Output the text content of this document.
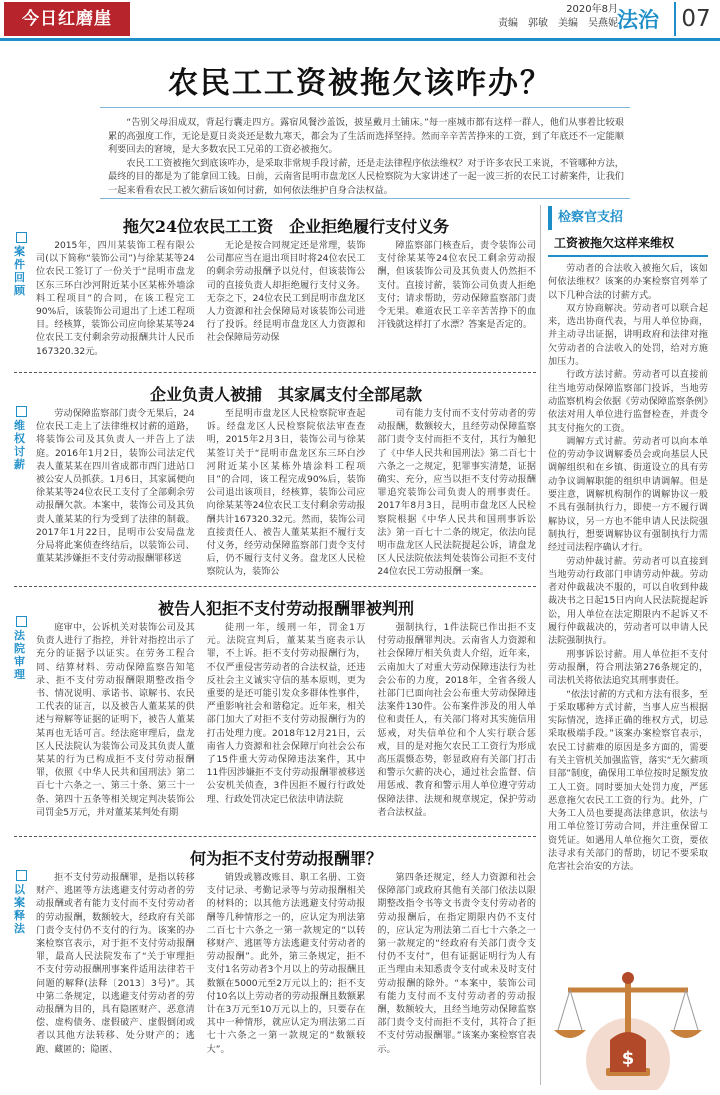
今日红磨崖	2020年8月
责编　郭敏　美编　吴燕妮 法治 07
农民工工资被拖欠该咋办？

“告别父母泪成双，背起行囊走四方。露宿风餐沙盖饭，披星戴月土铺床。”每一座城市都有这样一群人，他们从事着比较艰累的高强度工作，无论是夏日炎炎还是数九寒天，都会为了生活而选择坚持。然而辛辛苦苦挣来的工资，到了年底还不一定能顺利要回去的窘境，是大多数农民工兄弟的工资必被拖欠。

农民工工资被拖欠到底该咋办，是采取非常规手段讨薪，还是走法律程序依法维权？对于许多农民工来说，不管哪种方法，最终的目的都是为了能拿回工钱。日前，云南省昆明市盘龙区人民检察院为大家讲述了一起一波三折的农民工讨薪案件，让我们一起来看看农民工被欠薪后该如何讨薪，如何依法维护自身合法权益。

案件回顾
拖欠24位农民工工资　企业拒绝履行支付义务
2015年，四川某装饰工程有限公司(以下简称“装饰公司”)与徐某某等24位农民工签订了一份关于“昆明市盘龙区东三环白沙河附近某小区某栋外墙涂料工程项目”的合同，在该工程完工90%后，该装饰公司退出了上述工程项目。经核算，装饰公司应向徐某某等24位农民工支付剩余劳动报酬共计人民币167320.32元。
无论是按合同规定还是常理，装饰公司都应当在退出项目时将24位农民工的剩余劳动报酬予以兑付，但该装饰公司的直接负责人却拒绝履行支付义务。无奈之下，24位农民工到昆明市盘龙区人力资源和社会保障局对该装饰公司进行了投诉。经昆明市盘龙区人力资源和社会保障局劳动保
障监察部门核查后，责令装饰公司支付徐某某等24位农民工剩余劳动报酬，但该装饰公司及其负责人仍然拒不支付。直接讨薪，装饰公司负责人拒绝支付；请求帮助，劳动保障监察部门责令无果。难道农民工辛辛苦苦挣下的血汗钱就这样打了水漂？答案是否定的。
维权讨薪
企业负责人被捕　其家属支付全部尾款
劳动保障监察部门责令无果后，24位农民工走上了法律维权讨薪的道路，将装饰公司及其负责人一并告上了法庭。2016年1月2日，装饰公司法定代表人董某某在四川省成都市西门进站口被公安人员抓获。1月6日，其家属便向徐某某等24位农民工支付了全部剩余劳动报酬欠款。本案中，装饰公司及其负责人董某某的行为受到了法律的制裁。2017年1月22日，昆明市公安局盘龙分局将此案侦查终结后，以装饰公司、董某某涉嫌拒不支付劳动报酬罪移送
至昆明市盘龙区人民检察院审查起诉。经盘龙区人民检察院依法审查查明，2015年2月3日，装饰公司与徐某某签订关于“昆明市盘龙区东三环白沙河附近某小区某栋外墙涂料工程项目”的合同，该工程完成90%后，装饰公司退出该项目，经核算，装饰公司应向徐某某等24位农民工支付剩余劳动报酬共计167320.32元。然而，装饰公司直接责任人、被告人董某某拒不履行支付义务，经劳动保障监察部门责令支付后，仍不履行支付义务。盘龙区人民检察院认为，装饰公
司有能力支付而不支付劳动者的劳动报酬，数额较大，且经劳动保障监察部门责令支付而拒不支付，其行为触犯了《中华人民共和国刑法》第二百七十六条之一之规定，犯罪事实清楚，证据确实、充分，应当以拒不支付劳动报酬罪追究装饰公司负责人的刑事责任。2017年8月3日，昆明市盘龙区人民检察院根据《中华人民共和国刑事诉讼法》第一百七十二条的规定，依法向昆明市盘龙区人民法院提起公诉，请盘龙区人民法院依法判处装饰公司拒不支付24位农民工劳动报酬一案。
法院审理
被告人犯拒不支付劳动报酬罪被判刑
庭审中，公诉机关对装饰公司及其负责人进行了指控，并针对指控出示了充分的证据予以证实。在劳务工程合同、结算材料、劳动保障监察告知笔录、拒不支付劳动报酬限期整改指令书、情况说明、承诺书、谅解书、农民工代表的证言，以及被告人董某某的供述与辩解等证据的证明下，被告人董某某再也无话可言。经法庭审理后，盘龙区人民法院认为装饰公司及其负责人董某某的行为已构成拒不支付劳动报酬罪，依照《中华人民共和国刑法》第二百七十六条之一、第三十条、第三十一条、第四十五条等相关规定判决装饰公司罚金5万元，并对董某某判处有期
徒刑一年，缓刑一年，罚金1万元。法院宣判后，董某某当庭表示认罪，不上诉。拒不支付劳动报酬行为，不仅严重侵害劳动者的合法权益，还违反社会主义诚实守信的基本原则，更为重要的是还可能引发众多群体性事件，严重影响社会和谐稳定。近年来，相关部门加大了对拒不支付劳动报酬行为的打击处理力度。2018年12月21日，云南省人力资源和社会保障厅向社会公布了15件重大劳动保障违法案件，其中11件因涉嫌拒不支付劳动报酬罪被移送公安机关侦查，3件因拒不履行行政处理、行政处罚决定已依法申请法院
强制执行，1件法院已作出拒不支付劳动报酬罪判决。云南省人力资源和社会保障厅相关负责人介绍，近年来，云南加大了对重大劳动保障违法行为社会公布的力度，2018年，全省各级人社部门已面向社会公布重大劳动保障违法案件130件。公布案件涉及的用人单位和责任人，有关部门将对其实施信用惩戒，对失信单位和个人实行联合惩戒，目的是对拖欠农民工工资行为形成高压震慑态势，彰显政府有关部门打击和警示欠薪的决心，通过社会监督、信用惩戒、教育和警示用人单位遵守劳动保障法律、法规和规章规定，保护劳动者合法权益。
以案释法
何为拒不支付劳动报酬罪？
拒不支付劳动报酬罪，是指以转移财产、逃匿等方法逃避支付劳动者的劳动报酬或者有能力支付而不支付劳动者的劳动报酬，数额较大，经政府有关部门责令支付仍不支付的行为。该案的办案检察官表示，对于拒不支付劳动报酬罪，最高人民法院发布了“关于审理拒不支付劳动报酬刑事案件适用法律若干问题的解释(法释〔2013〕3号)”。其中第二条规定，以逃避支付劳动者的劳动报酬为目的，具有隐匿财产、恶意清偿、虚构债务、虚假破产、虚假倒闭或者以其他方法转移、处分财产的；逃跑、藏匿的；隐匿、
销毁或篡改账目、职工名册、工资支付记录、考勤记录等与劳动报酬相关的材料的；以其他方法逃避支付劳动报酬等几种情形之一的，应认定为刑法第二百七十六条之一第一款规定的“以转移财产、逃匿等方法逃避支付劳动者的劳动报酬”。此外，第三条规定，拒不支付1名劳动者3个月以上的劳动报酬且数额在5000元至2万元以上的；拒不支付10名以上劳动者的劳动报酬且数额累计在3万元至10万元以上的，只要存在其中一种情形，就应认定为刑法第二百七十六条之一第一款规定的“数额较大”。
第四条还规定，经人力资源和社会保障部门或政府其他有关部门依法以限期整改指令书等文书责令支付劳动者的劳动报酬后，在指定期限内仍不支付的，应认定为刑法第二百七十六条之一第一款规定的“经政府有关部门责令支付仍不支付”，但有证据证明行为人有正当理由未知悉责令支付或未及时支付劳动报酬的除外。“本案中，装饰公司有能力支付而不支付劳动者的劳动报酬，数额较大，且经当地劳动保障监察部门责令支付而拒不支付，其符合了拒不支付劳动报酬罪。”该案办案检察官表示。
检察官支招
工资被拖欠这样来维权

劳动者的合法收入被拖欠后，该如何依法维权？该案的办案检察官列举了以下几种合法的讨薪方式。

双方协商解决。劳动者可以联合起来，选出协商代表，与用人单位协商，并主动寻出证据，讲明政府和法律对拖欠劳动者的合法收入的处罚，给对方施加压力。

行政方法讨薪。劳动者可以直接前往当地劳动保障监察部门投诉，当地劳动监察机构会依据《劳动保障监察条例》依法对用人单位进行监督检查，并责令其支付拖欠的工资。

调解方式讨薪。劳动者可以向本单位的劳动争议调解委员会或向基层人民调解组织和在乡镇、街道设立的具有劳动争议调解职能的组织申请调解。但是要注意，调解机构制作的调解协议一般不具有强制执行力，即使一方不履行调解协议，另一方也不能申请人民法院强制执行，想要调解协议有强制执行力需经过司法程序确认才行。

劳动仲裁讨薪。劳动者可以直接到当地劳动行政部门申请劳动仲裁。劳动者对仲裁裁决不服的，可以自收到仲裁裁决书之日起15日内向人民法院提起诉讼，用人单位在法定期限内不起诉又不履行仲裁裁决的，劳动者可以申请人民法院强制执行。

刑事诉讼讨薪。用人单位拒不支付劳动报酬，符合刑法第276条规定的，司法机关将依法追究其刑事责任。

“依法讨薪的方式和方法有很多，至于采取哪种方式讨薪，当事人应当根据实际情况，选择正确的维权方式，切忌采取极端手段。”该案办案检察官表示，农民工讨薪难的原因是多方面的，需要有关主管机关加强监管，落实“无欠薪项目部”制度，确保用工单位按时足额发放工人工资。同时要加大处罚力度，严惩恶意拖欠农民工工资的行为。此外，广大务工人员也要提高法律意识，依法与用工单位签订劳动合同，并注重保留工资凭证。如遇用人单位拖欠工资，要依法寻求有关部门的帮助，切记不要采取危害社会治安的方法。

$
